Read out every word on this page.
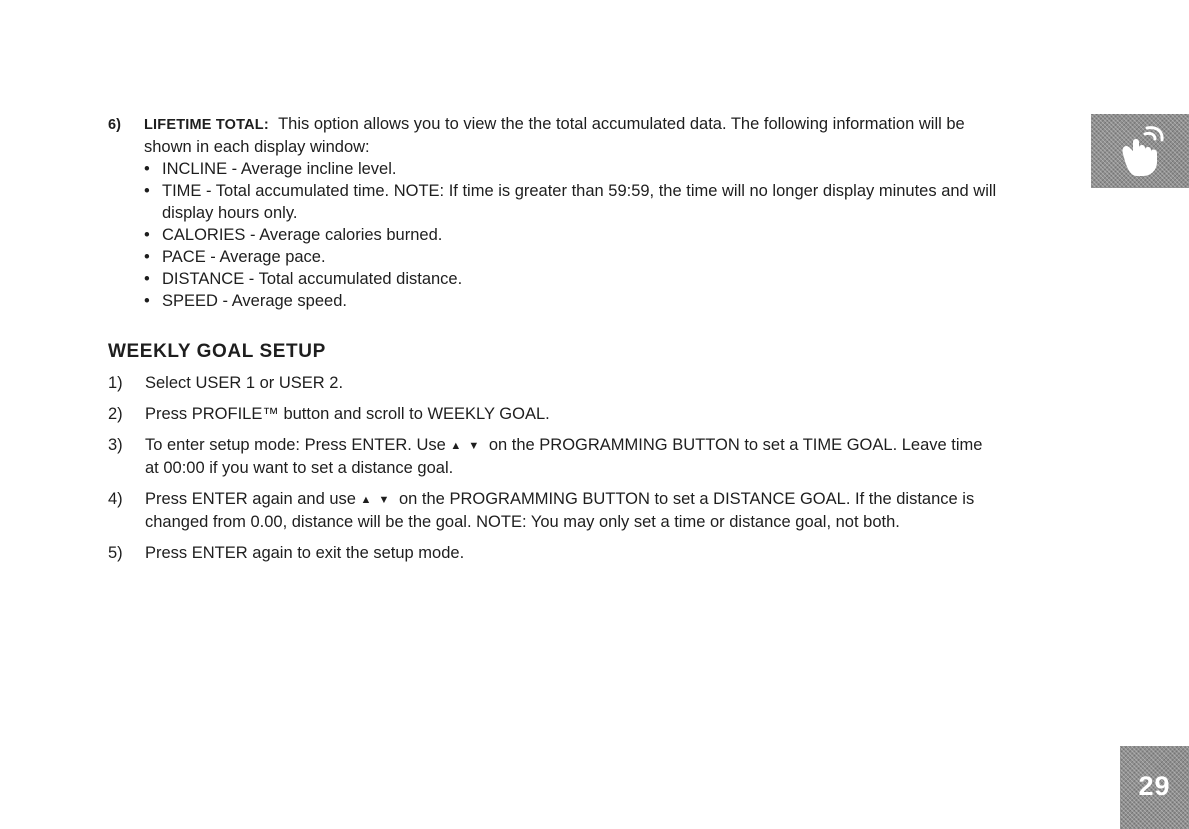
6) LIFETIME TOTAL: This option allows you to view the the total accumulated data. The following information will be shown in each display window:

• INCLINE - Average incline level.
• TIME - Total accumulated time. NOTE: If time is greater than 59:59, the time will no longer display minutes and will display hours only.
• CALORIES - Average calories burned.
• PACE - Average pace.
• DISTANCE - Total accumulated distance.
• SPEED - Average speed.
WEEKLY GOAL SETUP
1) Select USER 1 or USER 2.
2) Press PROFILE™ button and scroll to WEEKLY GOAL.
3) To enter setup mode: Press ENTER. Use ▲ ▼ on the PROGRAMMING BUTTON to set a TIME GOAL. Leave time at 00:00 if you want to set a distance goal.
4) Press ENTER again and use ▲ ▼ on the PROGRAMMING BUTTON to set a DISTANCE GOAL. If the distance is changed from 0.00, distance will be the goal. NOTE: You may only set a time or distance goal, not both.
5) Press ENTER again to exit the setup mode.
29
